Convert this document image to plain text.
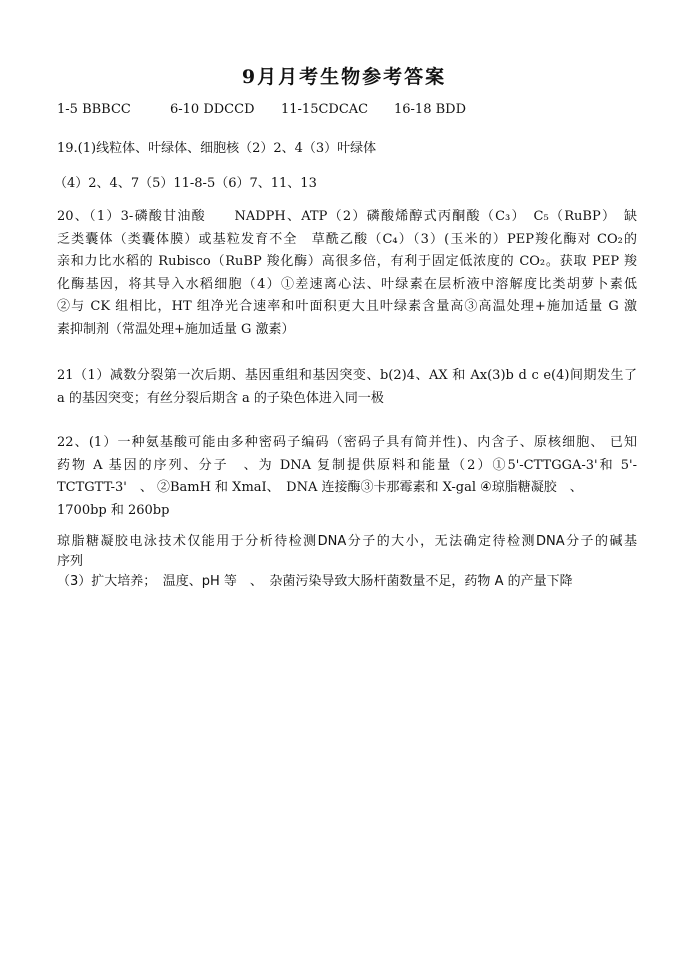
9月月考生物参考答案
1-5 BBBCC	6-10 DDCCD 11-15CDCAC 16-18 BDD
19.(1)线粒体、叶绿体、细胞核（2）2、4（3）叶绿体
（4）2、4、7（5）11-8-5（6）7、11、13
20、（1）3-磷酸甘油酸　　NADPH、ATP（2）磷酸烯醇式丙酮酸（C₃）　C₅（RuBP）　缺
乏类囊体（类囊体膜）或基粒发育不全　草酰乙酸（C₄）（3）(玉米的）PEP羧化酶对 CO₂的
亲和力比水稻的 Rubisco（RuBP 羧化酶）高很多倍，有利于固定低浓度的 CO₂。获取 PEP 羧
化酶基因，将其导入水稻细胞（4）①差速离心法、叶绿素在层析液中溶解度比类胡萝卜素低
②与 CK 组相比，HT 组净光合速率和叶面积更大且叶绿素含量高③高温处理+施加适量 G 激
素抑制剂（常温处理+施加适量 G 激素）
21（1）减数分裂第一次后期、基因重组和基因突变、b(2)4、AX 和 Ax(3)b d c e(4)间期发生了
a 的基因突变；有丝分裂后期含 a 的子染色体进入同一极
22、(1）一种氨基酸可能由多种密码子编码（密码子具有简并性)、内含子、原核细胞、 已知
药物 A 基因的序列、分子　、为 DNA 复制提供原料和能量（2）①5'-CTTGGA-3'和 5'-
TCTGTT-3'　、 ②BamH 和 XmaI、　DNA 连接酶③卡那霉素和 X-gal ④琼脂糖凝胶　、
1700bp 和 260bp
琼脂糖凝胶电泳技术仅能用于分析待检测DNA分子的大小，无法确定待检测DNA分子的碱基
序列
（3）扩大培养；　温度、pH 等　、　杂菌污染导致大肠杆菌数量不足，药物 A 的产量下降
